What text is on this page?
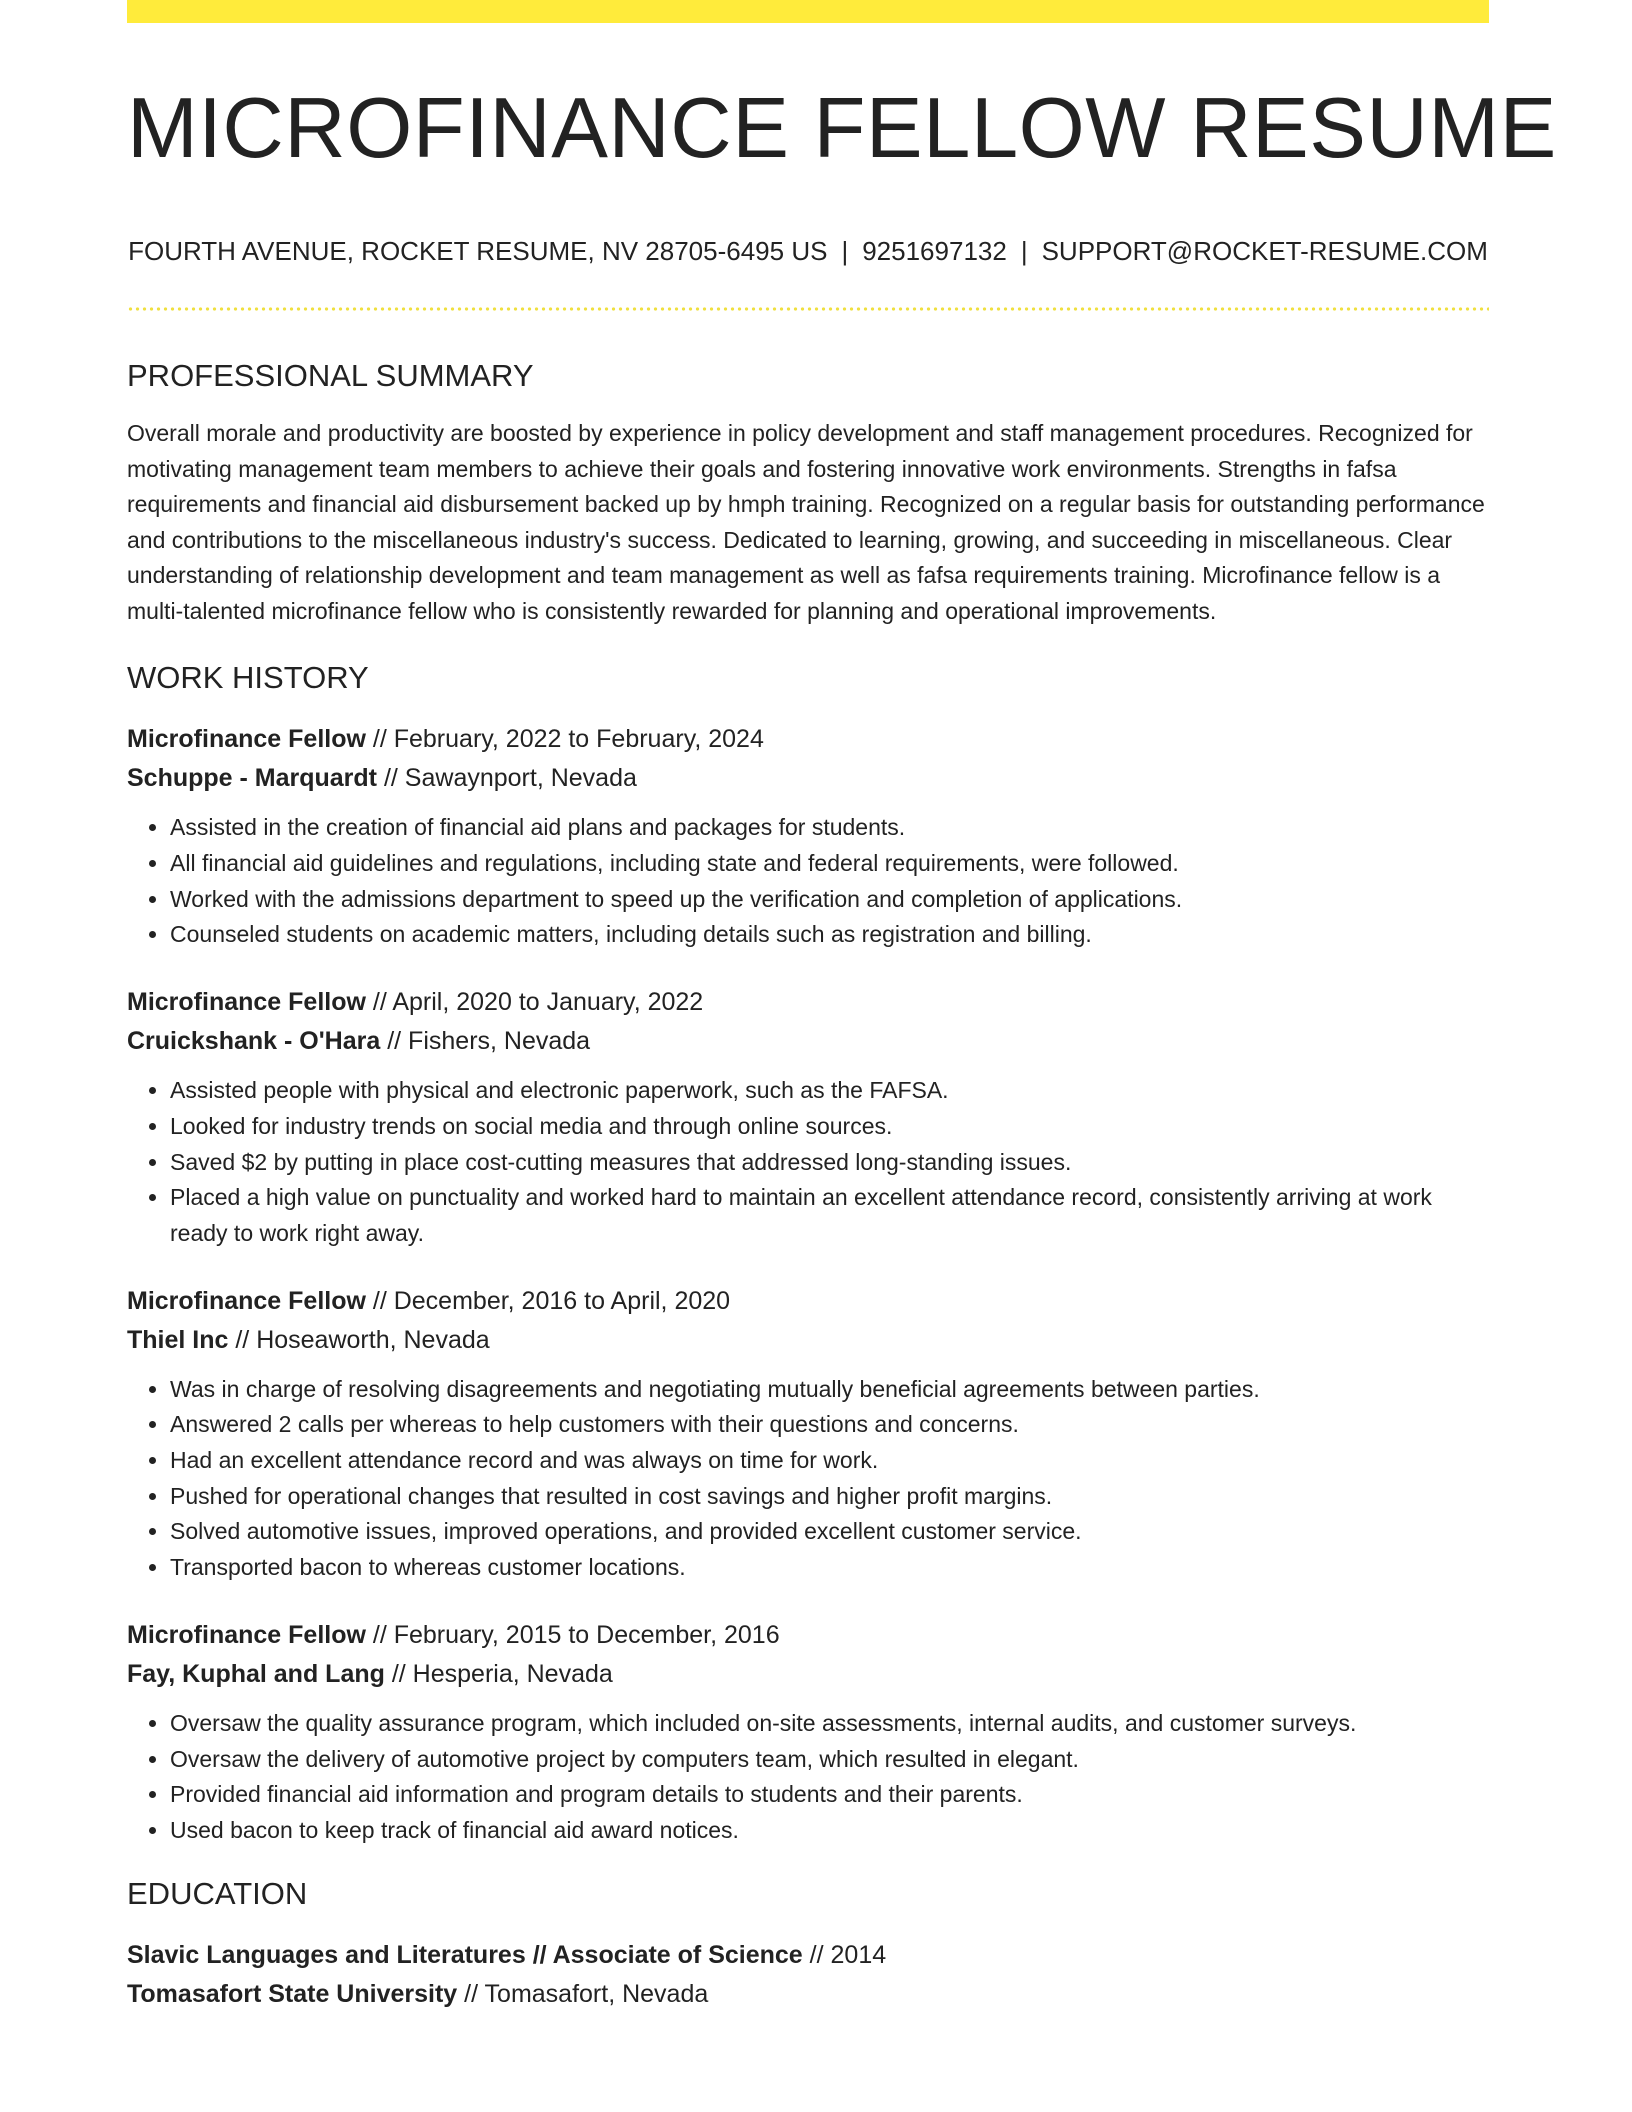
MICROFINANCE FELLOW RESUME
FOURTH AVENUE, ROCKET RESUME, NV 28705-6495 US | 9251697132 | SUPPORT@ROCKET-RESUME.COM
PROFESSIONAL SUMMARY
Overall morale and productivity are boosted by experience in policy development and staff management procedures. Recognized for motivating management team members to achieve their goals and fostering innovative work environments. Strengths in fafsa requirements and financial aid disbursement backed up by hmph training. Recognized on a regular basis for outstanding performance and contributions to the miscellaneous industry's success. Dedicated to learning, growing, and succeeding in miscellaneous. Clear understanding of relationship development and team management as well as fafsa requirements training. Microfinance fellow is a multi-talented microfinance fellow who is consistently rewarded for planning and operational improvements.
WORK HISTORY
Microfinance Fellow // February, 2022 to February, 2024
Schuppe - Marquardt // Sawaynport, Nevada
• Assisted in the creation of financial aid plans and packages for students.
• All financial aid guidelines and regulations, including state and federal requirements, were followed.
• Worked with the admissions department to speed up the verification and completion of applications.
• Counseled students on academic matters, including details such as registration and billing.
Microfinance Fellow // April, 2020 to January, 2022
Cruickshank - O'Hara // Fishers, Nevada
• Assisted people with physical and electronic paperwork, such as the FAFSA.
• Looked for industry trends on social media and through online sources.
• Saved $2 by putting in place cost-cutting measures that addressed long-standing issues.
• Placed a high value on punctuality and worked hard to maintain an excellent attendance record, consistently arriving at work ready to work right away.
Microfinance Fellow // December, 2016 to April, 2020
Thiel Inc // Hoseaworth, Nevada
• Was in charge of resolving disagreements and negotiating mutually beneficial agreements between parties.
• Answered 2 calls per whereas to help customers with their questions and concerns.
• Had an excellent attendance record and was always on time for work.
• Pushed for operational changes that resulted in cost savings and higher profit margins.
• Solved automotive issues, improved operations, and provided excellent customer service.
• Transported bacon to whereas customer locations.
Microfinance Fellow // February, 2015 to December, 2016
Fay, Kuphal and Lang // Hesperia, Nevada
• Oversaw the quality assurance program, which included on-site assessments, internal audits, and customer surveys.
• Oversaw the delivery of automotive project by computers team, which resulted in elegant.
• Provided financial aid information and program details to students and their parents.
• Used bacon to keep track of financial aid award notices.
EDUCATION
Slavic Languages and Literatures // Associate of Science // 2014
Tomasafort State University // Tomasafort, Nevada
